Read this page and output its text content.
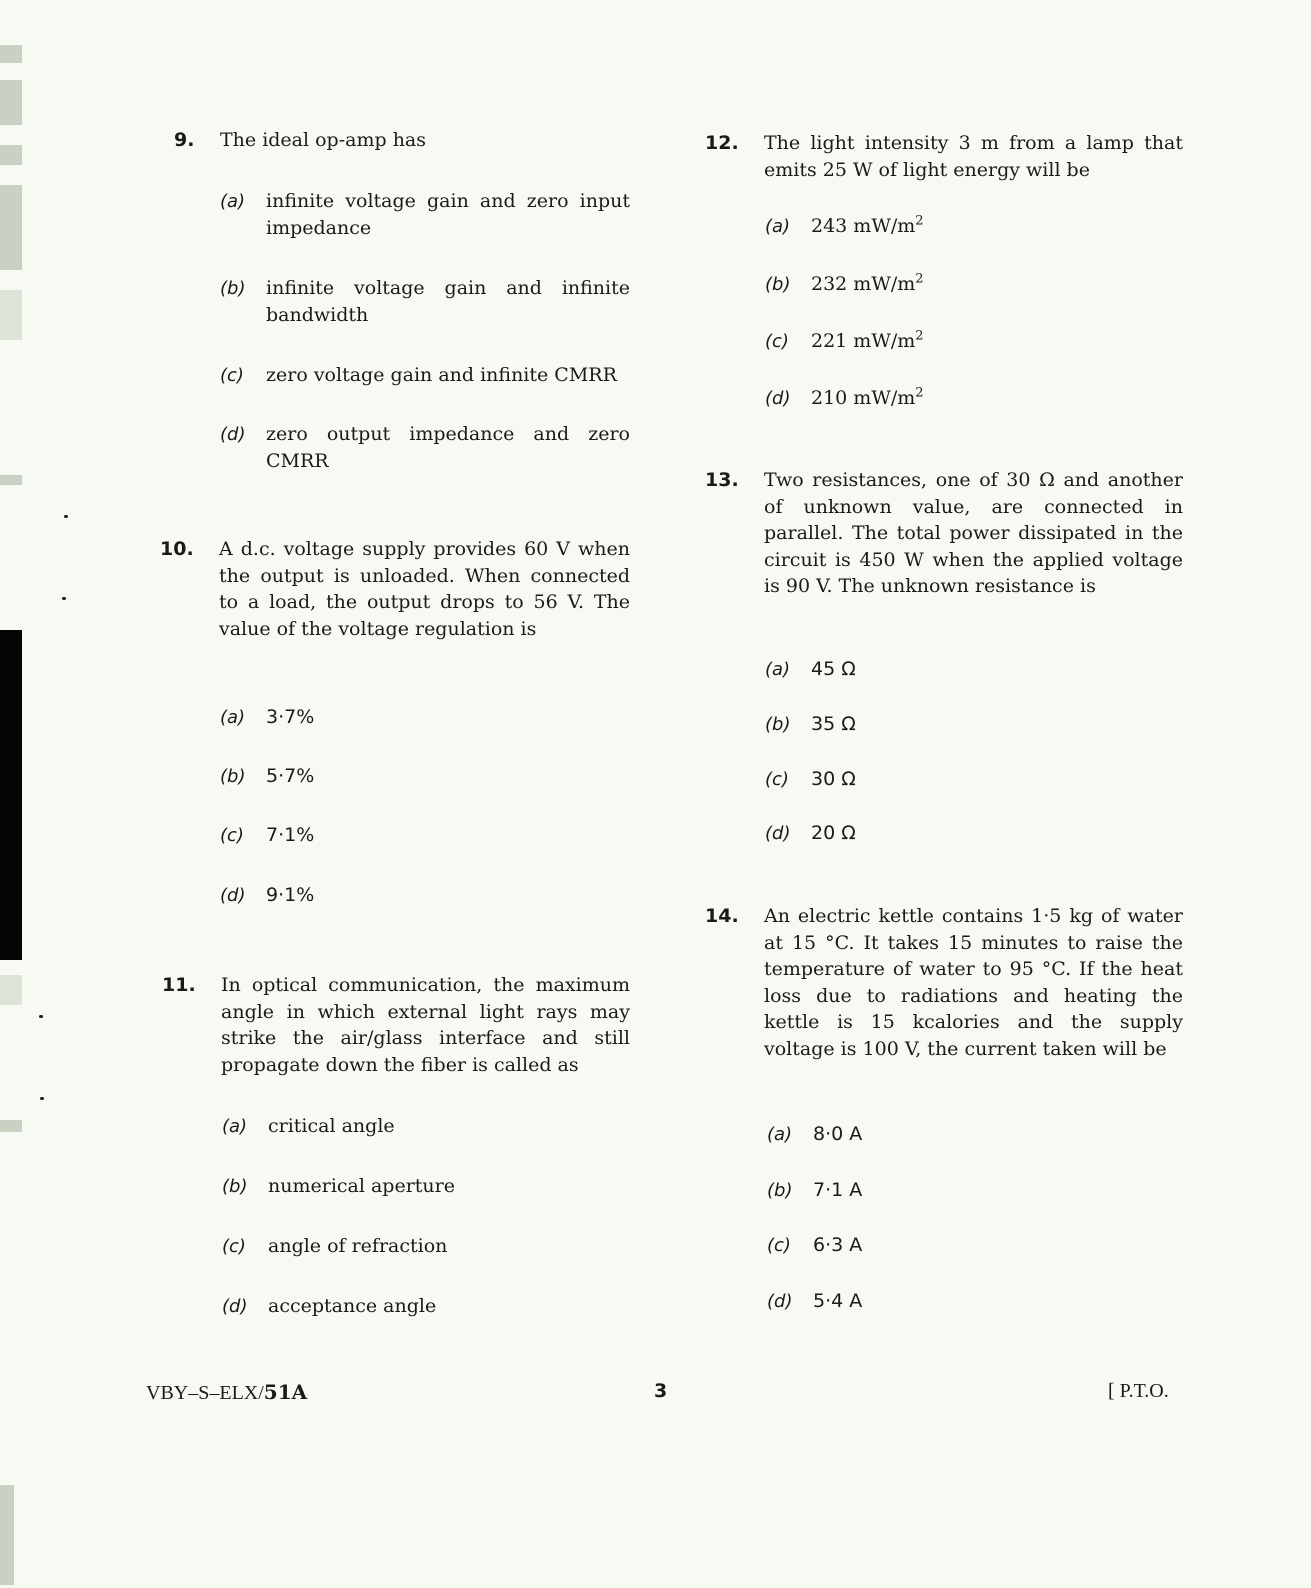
9. The ideal op-amp has
(a) infinite voltage gain and zero input impedance
(b) infinite voltage gain and infinite bandwidth
(c) zero voltage gain and infinite CMRR
(d) zero output impedance and zero CMRR
10. A d.c. voltage supply provides 60 V when the output is unloaded. When connected to a load, the output drops to 56 V. The value of the voltage regulation is
(a) 3·7%
(b) 5·7%
(c) 7·1%
(d) 9·1%
11. In optical communication, the maximum angle in which external light rays may strike the air/glass interface and still propagate down the fiber is called as
(a) critical angle
(b) numerical aperture
(c) angle of refraction
(d) acceptance angle
12. The light intensity 3 m from a lamp that emits 25 W of light energy will be
(a) 243 $mW/m^2$
(b) 232 $mW/m^2$
(c) 221 $mW/m^2$
(d) 210 $mW/m^2$
13. Two resistances, one of 30 Ω and another of unknown value, are connected in parallel. The total power dissipated in the circuit is 450 W when the applied voltage is 90 V. The unknown resistance is
(a) 45 Ω
(b) 35 Ω
(c) 30 Ω
(d) 20 Ω
14. An electric kettle contains 1·5 kg of water at 15 °C. It takes 15 minutes to raise the temperature of water to 95 °C. If the heat loss due to radiations and heating the kettle is 15 kcalories and the supply voltage is 100 V, the current taken will be
(a) 8·0 A
(b) 7·1 A
(c) 6·3 A
(d) 5·4 A
VBY–S–ELX/51A	3	[ P.T.O.
